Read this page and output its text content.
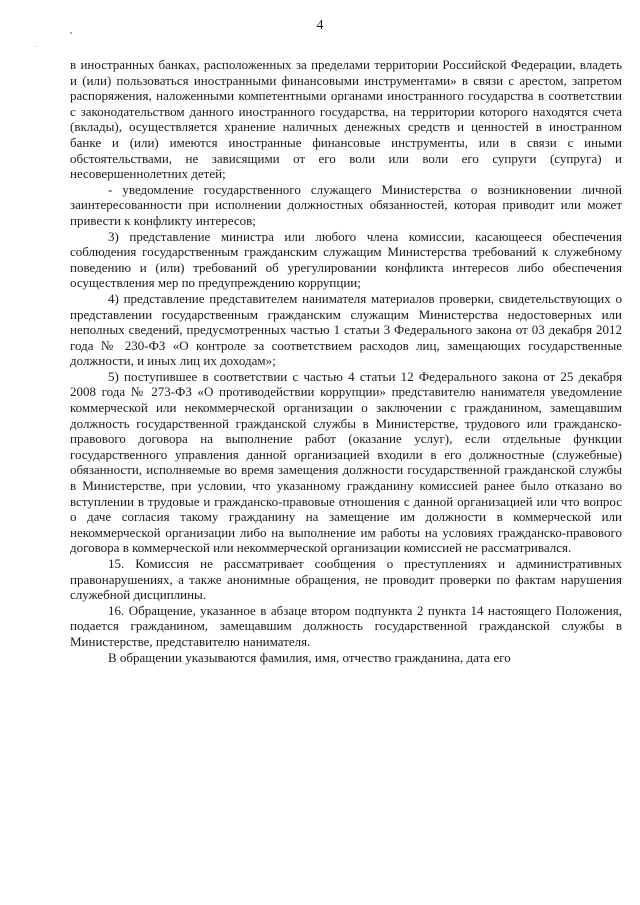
4

в иностранных банках, расположенных за пределами территории Российской Федерации, владеть и (или) пользоваться иностранными финансовыми инструментами» в связи с арестом, запретом распоряжения, наложенными компетентными органами иностранного государства в соответствии с законодательством данного иностранного государства, на территории которого находятся счета (вклады), осуществляется хранение наличных денежных средств и ценностей в иностранном банке и (или) имеются иностранные финансовые инструменты, или в связи с иными обстоятельствами, не зависящими от его воли или воли его супруги (супруга) и несовершеннолетних детей;

- уведомление государственного служащего Министерства о возникновении личной заинтересованности при исполнении должностных обязанностей, которая приводит или может привести к конфликту интересов;

3) представление министра или любого члена комиссии, касающееся обеспечения соблюдения государственным гражданским служащим Министерства требований к служебному поведению и (или) требований об урегулировании конфликта интересов либо обеспечения осуществления мер по предупреждению коррупции;

4) представление представителем нанимателя материалов проверки, свидетельствующих о представлении государственным гражданским служащим Министерства недостоверных или неполных сведений, предусмотренных частью 1 статьи 3 Федерального закона от 03 декабря 2012 года № 230-ФЗ «О контроле за соответствием расходов лиц, замещающих государственные должности, и иных лиц их доходам»;

5) поступившее в соответствии с частью 4 статьи 12 Федерального закона от 25 декабря 2008 года № 273-ФЗ «О противодействии коррупции» представителю нанимателя уведомление коммерческой или некоммерческой организации о заключении с гражданином, замещавшим должность государственной гражданской службы в Министерстве, трудового или гражданско-правового договора на выполнение работ (оказание услуг), если отдельные функции государственного управления данной организацией входили в его должностные (служебные) обязанности, исполняемые во время замещения должности государственной гражданской службы в Министерстве, при условии, что указанному гражданину комиссией ранее было отказано во вступлении в трудовые и гражданско-правовые отношения с данной организацией или что вопрос о даче согласия такому гражданину на замещение им должности в коммерческой или некоммерческой организации либо на выполнение им работы на условиях гражданско-правового договора в коммерческой или некоммерческой организации комиссией не рассматривался.

15. Комиссия не рассматривает сообщения о преступлениях и административных правонарушениях, а также анонимные обращения, не проводит проверки по фактам нарушения служебной дисциплины.

16. Обращение, указанное в абзаце втором подпункта 2 пункта 14 настоящего Положения, подается гражданином, замещавшим должность государственной гражданской службы в Министерстве, представителю нанимателя.

В обращении указываются фамилия, имя, отчество гражданина, дата его
